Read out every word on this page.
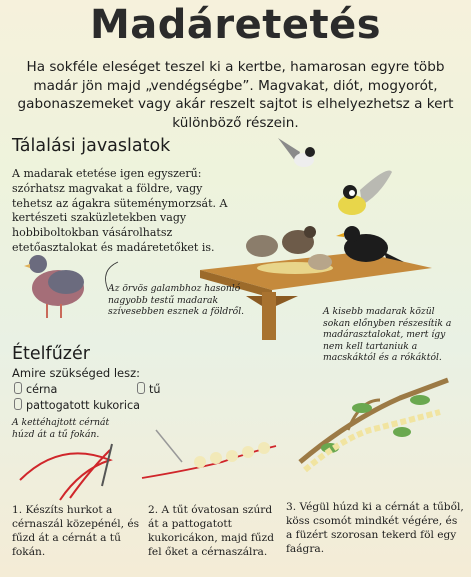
Madáretetés
Ha sokféle eleséget teszel ki a kertbe, hamarosan egyre több madár jön majd „vendégségbe”. Magvakat, diót, mogyorót, gabonaszemeket vagy akár reszelt sajtot is elhelyezhetsz a kert különböző részein.
Tálalási javaslatok
A madarak etetése igen egyszerű: szórhatsz magvakat a földre, vagy tehetsz az ágakra süteménymorzsát. A kertészeti szaküzletekben vagy hobbiboltokban vásárolhatsz etetőasztalokat és madáretetőket is.
Az örvös galambhoz hasonló nagyobb testű madarak szívesebben esznek a földről.	A kisebb madarak közül sokan előnyben részesítik a madárasztalokat, mert így nem kell tartaniuk a macskáktól és a rókáktól.
Ételfűzér
Amire szükséged lesz:
cérna
pattogatott kukorica
tű
A kettéhajtott cérnát húzd át a tű fokán.
1. Készíts hurkot a cérnaszál közepénél, és fűzd át a cérnát a tű fokán.
2. A tűt óvatosan szúrd át a pattogatott kukoricákon, majd fűzd fel őket a cérnaszálra.
3. Végül húzd ki a cérnát a tűből, köss csomót mindkét végére, és a füzért szorosan tekerd föl egy faágra.
